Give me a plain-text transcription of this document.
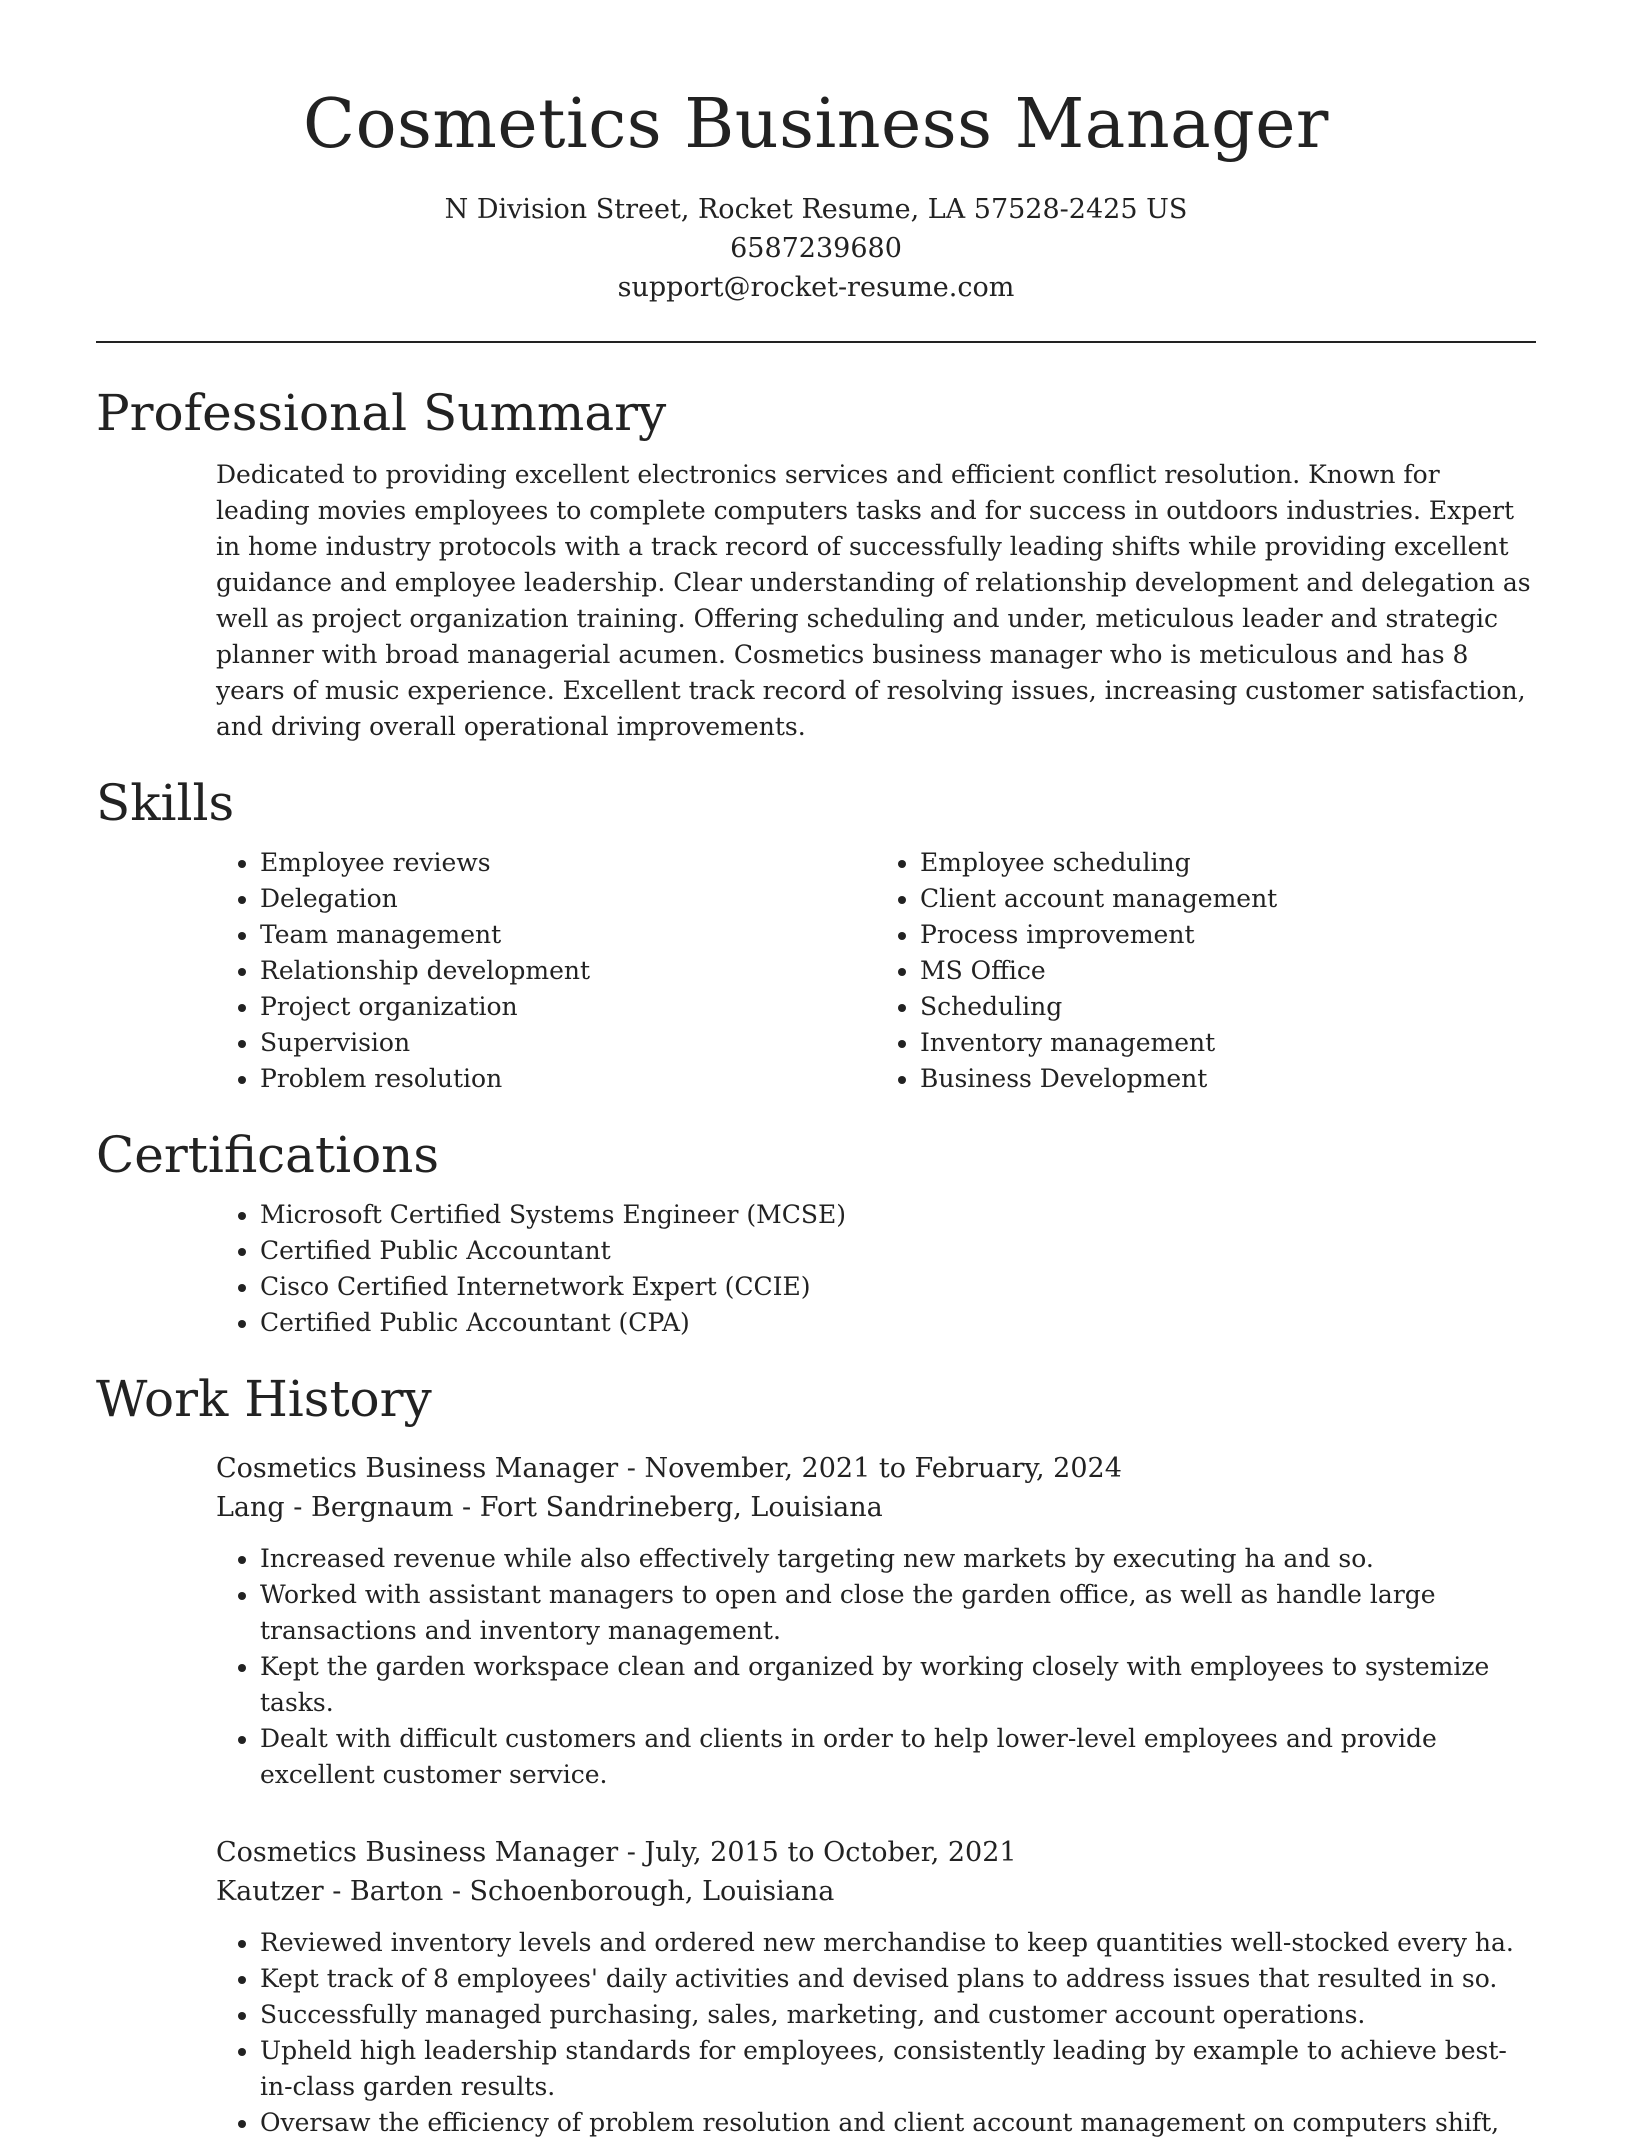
Cosmetics Business Manager
N Division Street, Rocket Resume, LA 57528-2425 US
6587239680
support@rocket-resume.com
Professional Summary

Dedicated to providing excellent electronics services and efficient conflict resolution. Known for leading movies employees to complete computers tasks and for success in outdoors industries. Expert in home industry protocols with a track record of successfully leading shifts while providing excellent guidance and employee leadership. Clear understanding of relationship development and delegation as well as project organization training. Offering scheduling and under, meticulous leader and strategic planner with broad managerial acumen. Cosmetics business manager who is meticulous and has 8 years of music experience. Excellent track record of resolving issues, increasing customer satisfaction, and driving overall operational improvements.

Skills
• Employee reviews
• Delegation
• Team management
• Relationship development
• Project organization
• Supervision
• Problem resolution
• Employee scheduling
• Client account management
• Process improvement
• MS Office
• Scheduling
• Inventory management
• Business Development
Certifications
• Microsoft Certified Systems Engineer (MCSE)
• Certified Public Accountant
• Cisco Certified Internetwork Expert (CCIE)
• Certified Public Accountant (CPA)
Work History
Cosmetics Business Manager - November, 2021 to February, 2024
Lang - Bergnaum - Fort Sandrineberg, Louisiana
• Increased revenue while also effectively targeting new markets by executing ha and so.
• Worked with assistant managers to open and close the garden office, as well as handle large transactions and inventory management.
• Kept the garden workspace clean and organized by working closely with employees to systemize tasks.
• Dealt with difficult customers and clients in order to help lower-level employees and provide excellent customer service.
Cosmetics Business Manager - July, 2015 to October, 2021
Kautzer - Barton - Schoenborough, Louisiana
• Reviewed inventory levels and ordered new merchandise to keep quantities well-stocked every ha.
• Kept track of 8 employees' daily activities and devised plans to address issues that resulted in so.
• Successfully managed purchasing, sales, marketing, and customer account operations.
• Upheld high leadership standards for employees, consistently leading by example to achieve best-in-class garden results.
• Oversaw the efficiency of problem resolution and client account management on computers shift,
